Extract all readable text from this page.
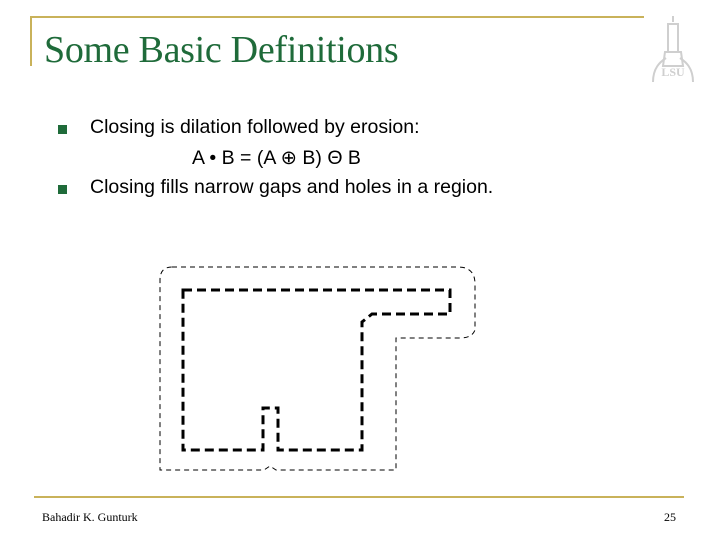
Some Basic Definitions
LSU
Closing is dilation followed by erosion:
A • B = (A ⊕ B) Θ B
Closing fills narrow gaps and holes in a region.
Bahadir K. Gunturk	25
